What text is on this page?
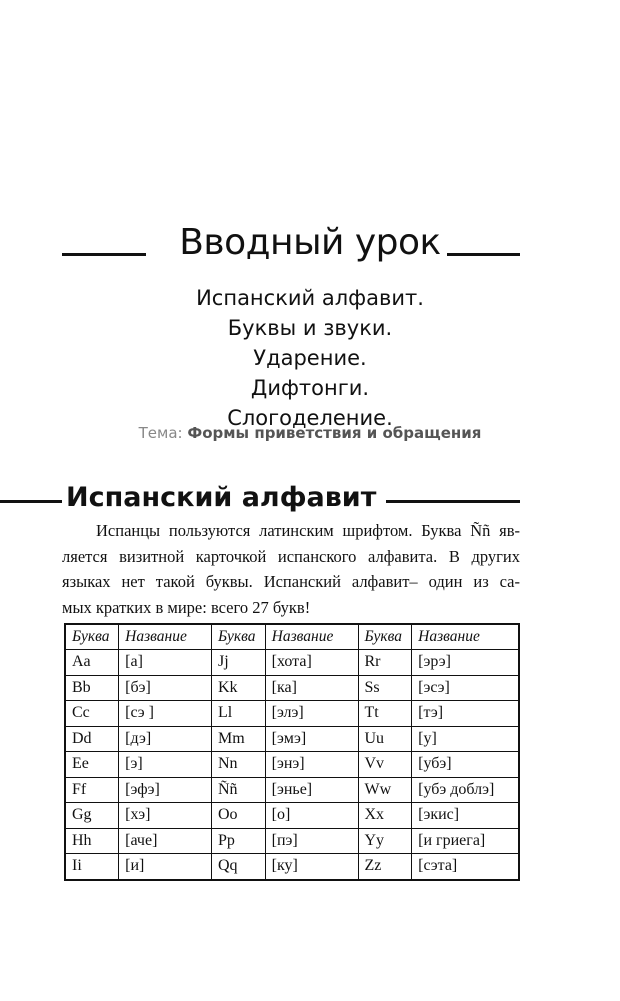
Вводный урок
Испанский алфавит.
Буквы и звуки.
Ударение.
Дифтонги.
Слогоделение.
Тема: Формы приветствия и обращения
Испанский алфавит

Испанцы пользуются латинским шрифтом. Буква Ññ яв-
ляется визитной карточкой испанского алфавита. В других
языках нет такой буквы. Испанский алфавит– один из са-
мых кратких в мире: всего 27 букв!

Буква	Название	Буква	Название	Буква	Название
Aa	[а]	Jj	[хота]	Rr	[эрэ]
Bb	[бэ]	Kk	[ка]	Ss	[эсэ]
Cc	[сэ ]	Ll	[элэ]	Tt	[тэ]
Dd	[дэ]	Mm	[эмэ]	Uu	[у]
Ee	[э]	Nn	[энэ]	Vv	[убэ]
Ff	[эфэ]	Ññ	[энье]	Ww	[убэ доблэ]
Gg	[хэ]	Oo	[о]	Xx	[экис]
Hh	[аче]	Pp	[пэ]	Yy	[и гриега]
Ii	[и]	Qq	[ку]	Zz	[сэта]
